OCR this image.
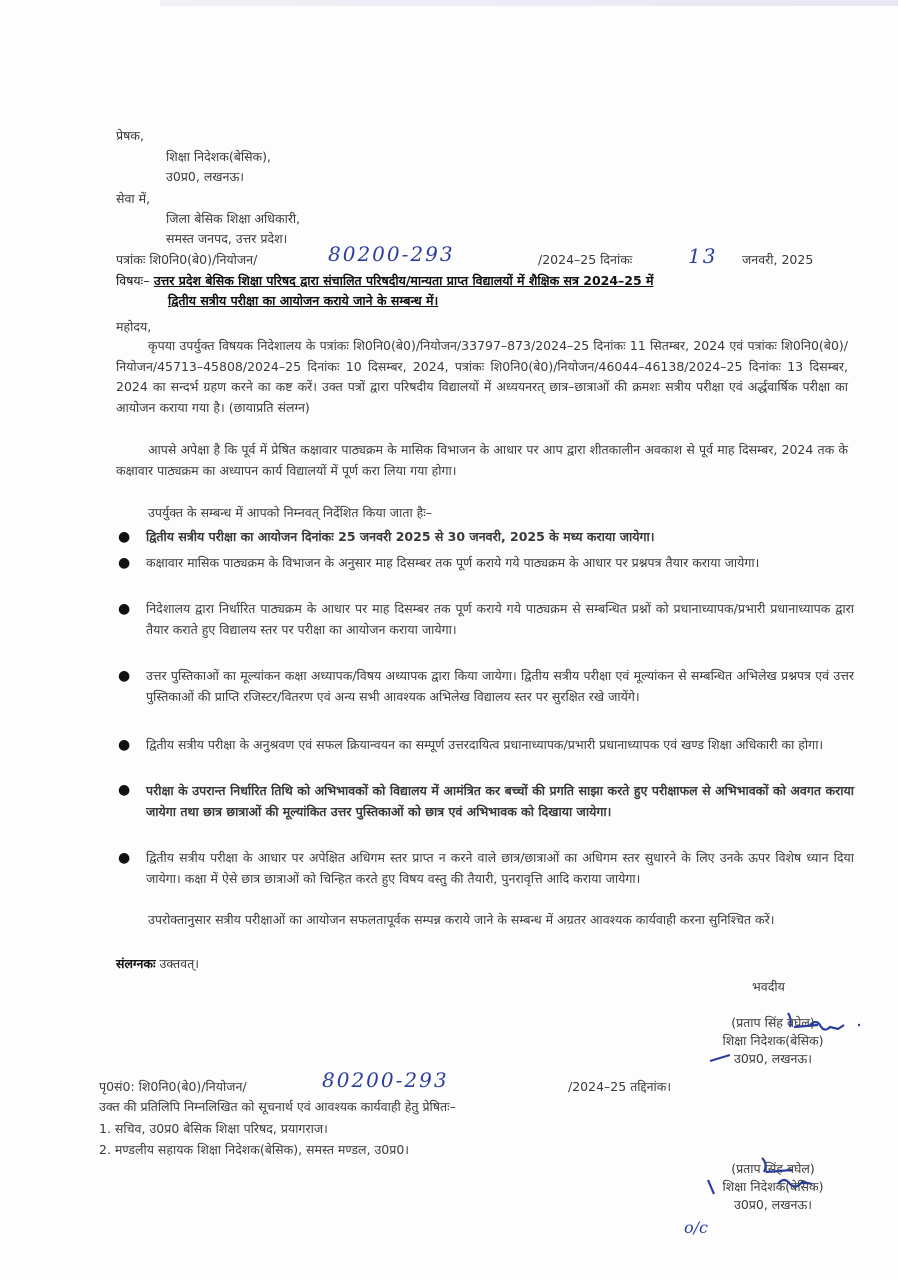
प्रेषक,
शिक्षा निदेशक(बेसिक),
उ0प्र0, लखनऊ।
सेवा में,
जिला बेसिक शिक्षा अधिकारी,
समस्त जनपद, उत्तर प्रदेश।
पत्रांकः शि0नि0(बे0)/नियोजन/	80200-293	/2024–25 दिनांकः	13 जनवरी, 2025
विषयः– उत्तर प्रदेश बेसिक शिक्षा परिषद द्वारा संचालित परिषदीय/मान्यता प्राप्त विद्यालयों में शैक्षिक सत्र 2024–25 में
द्वितीय सत्रीय परीक्षा का आयोजन कराये जाने के सम्बन्ध में।
महोदय,
कृपया उपर्युक्त विषयक निदेशालय के पत्रांकः शि0नि0(बे0)/नियोजन/33797–873/2024–25 दिनांकः 11 सितम्बर, 2024 एवं पत्रांकः शि0नि0(बे0)/नियोजन/45713–45808/2024–25 दिनांकः 10 दिसम्बर, 2024, पत्रांकः शि0नि0(बे0)/नियोजन/46044–46138/2024–25 दिनांकः 13 दिसम्बर, 2024 का सन्दर्भ ग्रहण करने का कष्ट करें। उक्त पत्रों द्वारा परिषदीय विद्यालयों में अध्ययनरत् छात्र–छात्राओं की क्रमशः सत्रीय परीक्षा एवं अर्द्धवार्षिक परीक्षा का आयोजन कराया गया है। (छायाप्रति संलग्न)
आपसे अपेक्षा है कि पूर्व में प्रेषित कक्षावार पाठ्यक्रम के मासिक विभाजन के आधार पर आप द्वारा शीतकालीन अवकाश से पूर्व माह दिसम्बर, 2024 तक के कक्षावार पाठ्यक्रम का अध्यापन कार्य विद्यालयों में पूर्ण करा लिया गया होगा।
उपर्युक्त के सम्बन्ध में आपको निम्नवत् निर्देशित किया जाता हैः–
● द्वितीय सत्रीय परीक्षा का आयोजन दिनांकः 25 जनवरी 2025 से 30 जनवरी, 2025 के मध्य कराया जायेगा।
● कक्षावार मासिक पाठ्यक्रम के विभाजन के अनुसार माह दिसम्बर तक पूर्ण कराये गये पाठ्यक्रम के आधार पर प्रश्नपत्र तैयार कराया जायेगा।
● निदेशालय द्वारा निर्धारित पाठ्यक्रम के आधार पर माह दिसम्बर तक पूर्ण कराये गये पाठ्यक्रम से सम्बन्धित प्रश्नों को प्रधानाध्यापक/प्रभारी प्रधानाध्यापक द्वारा तैयार कराते हुए विद्यालय स्तर पर परीक्षा का आयोजन कराया जायेगा।
● उत्तर पुस्तिकाओं का मूल्यांकन कक्षा अध्यापक/विषय अध्यापक द्वारा किया जायेगा। द्वितीय सत्रीय परीक्षा एवं मूल्यांकन से सम्बन्धित अभिलेख प्रश्नपत्र एवं उत्तर पुस्तिकाओं की प्राप्ति रजिस्टर/वितरण एवं अन्य सभी आवश्यक अभिलेख विद्यालय स्तर पर सुरक्षित रखे जायेंगे।
● द्वितीय सत्रीय परीक्षा के अनुश्रवण एवं सफल क्रियान्वयन का सम्पूर्ण उत्तरदायित्व प्रधानाध्यापक/प्रभारी प्रधानाध्यापक एवं खण्ड शिक्षा अधिकारी का होगा।
● परीक्षा के उपरान्त निर्धारित तिथि को अभिभावकों को विद्यालय में आमंत्रित कर बच्चों की प्रगति साझा करते हुए परीक्षाफल से अभिभावकों को अवगत कराया जायेगा तथा छात्र छात्राओं की मूल्यांकित उत्तर पुस्तिकाओं को छात्र एवं अभिभावक को दिखाया जायेगा।
● द्वितीय सत्रीय परीक्षा के आधार पर अपेक्षित अधिगम स्तर प्राप्त न करने वाले छात्र/छात्राओं का अधिगम स्तर सुधारने के लिए उनके ऊपर विशेष ध्यान दिया जायेगा। कक्षा में ऐसे छात्र छात्राओं को चिन्हित करते हुए विषय वस्तु की तैयारी, पुनरावृत्ति आदि कराया जायेगा।
उपरोक्तानुसार सत्रीय परीक्षाओं का आयोजन सफलतापूर्वक सम्पन्न कराये जाने के सम्बन्ध में अग्रतर आवश्यक कार्यवाही करना सुनिश्चित करें।
संलग्नकः उक्तवत्।
भवदीय
(प्रताप सिंह बघेल)
शिक्षा निदेशक(बेसिक)
उ0प्र0, लखनऊ।
पृ0सं0: शि0नि0(बे0)/नियोजन/	80200-293	/2024–25 तद्दिनांक।
उक्त की प्रतिलिपि निम्नलिखित को सूचनार्थ एवं आवश्यक कार्यवाही हेतु प्रेषितः–
1. सचिव, उ0प्र0 बेसिक शिक्षा परिषद, प्रयागराज।
2. मण्डलीय सहायक शिक्षा निदेशक(बेसिक), समस्त मण्डल, उ0प्र0।
(प्रताप सिंह बघेल)
शिक्षा निदेशक(बेसिक)
उ0प्र0, लखनऊ।
o/c
